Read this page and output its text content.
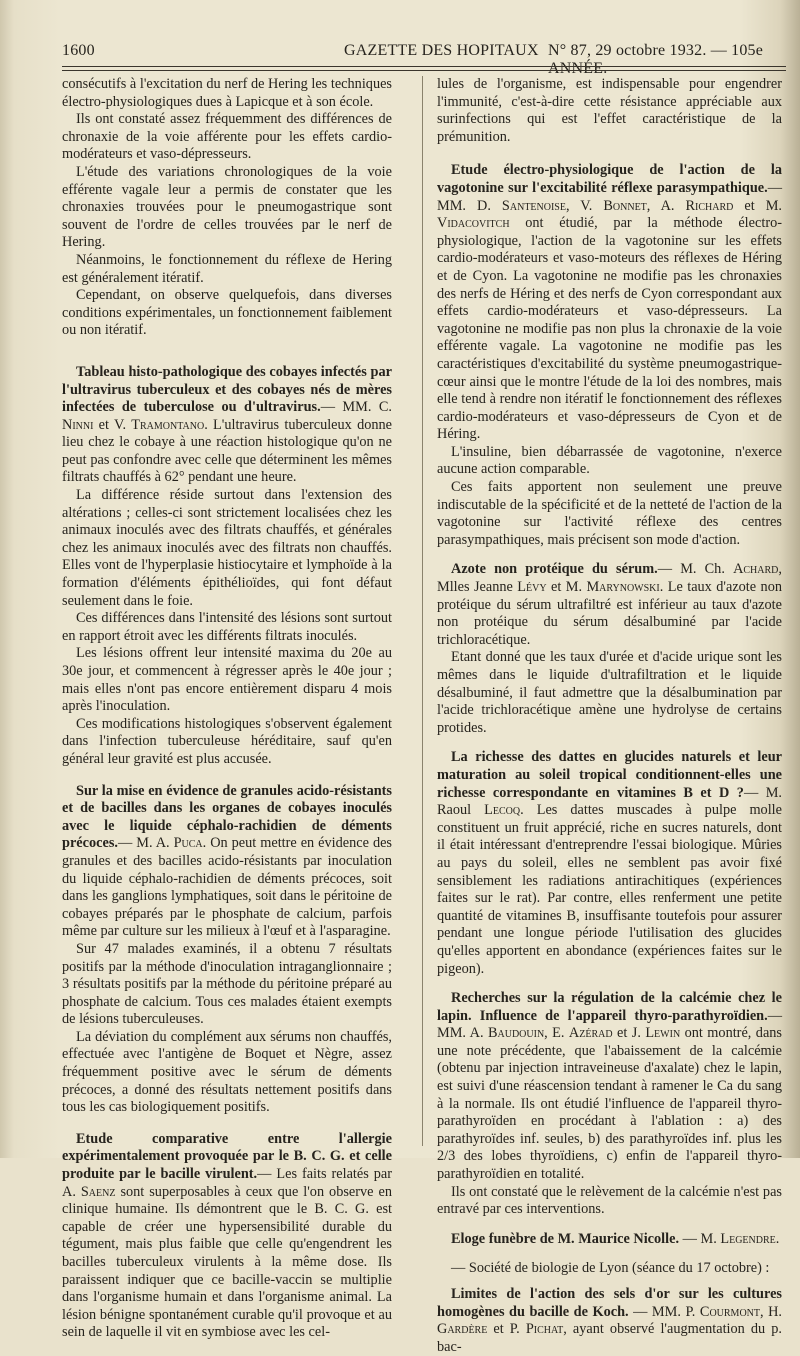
1600	GAZETTE DES HOPITAUX N° 87, 29 octobre 1932. — 105e ANNÉE.

consécutifs à l'excitation du nerf de Hering les techniques électro-physiologiques dues à Lapicque et à son école.

Ils ont constaté assez fréquemment des différences de chronaxie de la voie afférente pour les effets cardio-modérateurs et vaso-dépresseurs.

L'étude des variations chronologiques de la voie efférente vagale leur a permis de constater que les chronaxies trouvées pour le pneumogastrique sont souvent de l'ordre de celles trouvées par le nerf de Hering.

Néanmoins, le fonctionnement du réflexe de Hering est généralement itératif.

Cependant, on observe quelquefois, dans diverses conditions expérimentales, un fonctionnement faiblement ou non itératif.

Tableau histo-pathologique des cobayes infectés par l'ultravirus tuberculeux et des cobayes nés de mères infectées de tuberculose ou d'ultravirus.— MM. C. Ninni et V. Tramontano. L'ultravirus tuberculeux donne lieu chez le cobaye à une réaction histologique qu'on ne peut pas confondre avec celle que déterminent les mêmes filtrats chauffés à 62° pendant une heure.

La différence réside surtout dans l'extension des altérations ; celles-ci sont strictement localisées chez les animaux inoculés avec des filtrats chauffés, et générales chez les animaux inoculés avec des filtrats non chauffés. Elles vont de l'hyperplasie histiocytaire et lymphoïde à la formation d'éléments épithélioïdes, qui font défaut seulement dans le foie.

Ces différences dans l'intensité des lésions sont surtout en rapport étroit avec les différents filtrats inoculés.

Les lésions offrent leur intensité maxima du 20e au 30e jour, et commencent à régresser après le 40e jour ; mais elles n'ont pas encore entièrement disparu 4 mois après l'inoculation.

Ces modifications histologiques s'observent également dans l'infection tuberculeuse héréditaire, sauf qu'en général leur gravité est plus accusée.

Sur la mise en évidence de granules acido-résistants et de bacilles dans les organes de cobayes inoculés avec le liquide céphalo-rachidien de déments précoces.— M. A. Puca. On peut mettre en évidence des granules et des bacilles acido-résistants par inoculation du liquide céphalo-rachidien de déments précoces, soit dans les ganglions lymphatiques, soit dans le péritoine de cobayes préparés par le phosphate de calcium, parfois même par culture sur les milieux à l'œuf et à l'asparagine.

Sur 47 malades examinés, il a obtenu 7 résultats positifs par la méthode d'inoculation intraganglionnaire ; 3 résultats positifs par la méthode du péritoine préparé au phosphate de calcium. Tous ces malades étaient exempts de lésions tuberculeuses.

La déviation du complément aux sérums non chauffés, effectuée avec l'antigène de Boquet et Nègre, assez fréquemment positive avec le sérum de déments précoces, a donné des résultats nettement positifs dans tous les cas biologiquement positifs.

Etude comparative entre l'allergie expérimentalement provoquée par le B. C. G. et celle produite par le bacille virulent.— Les faits relatés par A. Saenz sont superposables à ceux que l'on observe en clinique humaine. Ils démontrent que le B. C. G. est capable de créer une hypersensibilité durable du tégument, mais plus faible que celle qu'engendrent les bacilles tuberculeux virulents à la même dose. Ils paraissent indiquer que ce bacille-vaccin se multiplie dans l'organisme humain et dans l'organisme animal. La lésion bénigne spontanément curable qu'il provoque et au sein de laquelle il vit en symbiose avec les cel-

lules de l'organisme, est indispensable pour engendrer l'immunité, c'est-à-dire cette résistance appréciable aux surinfections qui est l'effet caractéristique de la prémunition.

Etude électro-physiologique de l'action de la vagotonine sur l'excitabilité réflexe parasympathique.— MM. D. Santenoise, V. Bonnet, A. Richard et M. Vidacovitch ont étudié, par la méthode électro-physiologique, l'action de la vagotonine sur les effets cardio-modérateurs et vaso-moteurs des réflexes de Héring et de Cyon. La vagotonine ne modifie pas les chronaxies des nerfs de Héring et des nerfs de Cyon correspondant aux effets cardio-modérateurs et vaso-dépresseurs. La vagotonine ne modifie pas non plus la chronaxie de la voie efférente vagale. La vagotonine ne modifie pas les caractéristiques d'excitabilité du système pneumogastrique-cœur ainsi que le montre l'étude de la loi des nombres, mais elle tend à rendre non itératif le fonctionnement des réflexes cardio-modérateurs et vaso-dépresseurs de Cyon et de Héring.

L'insuline, bien débarrassée de vagotonine, n'exerce aucune action comparable.

Ces faits apportent non seulement une preuve indiscutable de la spécificité et de la netteté de l'action de la vagotonine sur l'activité réflexe des centres parasympathiques, mais précisent son mode d'action.

Azote non protéique du sérum.— M. Ch. Achard, Mlles Jeanne Lévy et M. Marynowski. Le taux d'azote non protéique du sérum ultrafiltré est inférieur au taux d'azote non protéique du sérum désalbuminé par l'acide trichloracétique.

Etant donné que les taux d'urée et d'acide urique sont les mêmes dans le liquide d'ultrafiltration et le liquide désalbuminé, il faut admettre que la désalbumination par l'acide trichloracétique amène une hydrolyse de certains protides.

La richesse des dattes en glucides naturels et leur maturation au soleil tropical conditionnent-elles une richesse correspondante en vitamines B et D ?— M. Raoul Lecoq. Les dattes muscades à pulpe molle constituent un fruit apprécié, riche en sucres naturels, dont il était intéressant d'entreprendre l'essai biologique. Mûries au pays du soleil, elles ne semblent pas avoir fixé sensiblement les radiations antirachitiques (expériences faites sur le rat). Par contre, elles renferment une petite quantité de vitamines B, insuffisante toutefois pour assurer pendant une longue période l'utilisation des glucides qu'elles apportent en abondance (expériences faites sur le pigeon).

Recherches sur la régulation de la calcémie chez le lapin. Influence de l'appareil thyro-parathyroïdien.— MM. A. Baudouin, E. Azérad et J. Lewin ont montré, dans une note précédente, que l'abaissement de la calcémie (obtenu par injection intraveineuse d'axalate) chez le lapin, est suivi d'une réascension tendant à ramener le Ca du sang à la normale. Ils ont étudié l'influence de l'appareil thyro-parathyroïden en procédant à l'ablation : a) des parathyroïdes inf. seules, b) des parathyroïdes inf. plus les 2/3 des lobes thyroïdiens, c) enfin de l'appareil thyro-parathyroïdien en totalité.

Ils ont constaté que le relèvement de la calcémie n'est pas entravé par ces interventions.

Eloge funèbre de M. Maurice Nicolle. — M. Legendre.

— Société de biologie de Lyon (séance du 17 octobre) :

Limites de l'action des sels d'or sur les cultures homogènes du bacille de Koch. — MM. P. Courmont, H. Gardère et P. Pichat, ayant observé l'augmentation du p. bac-
